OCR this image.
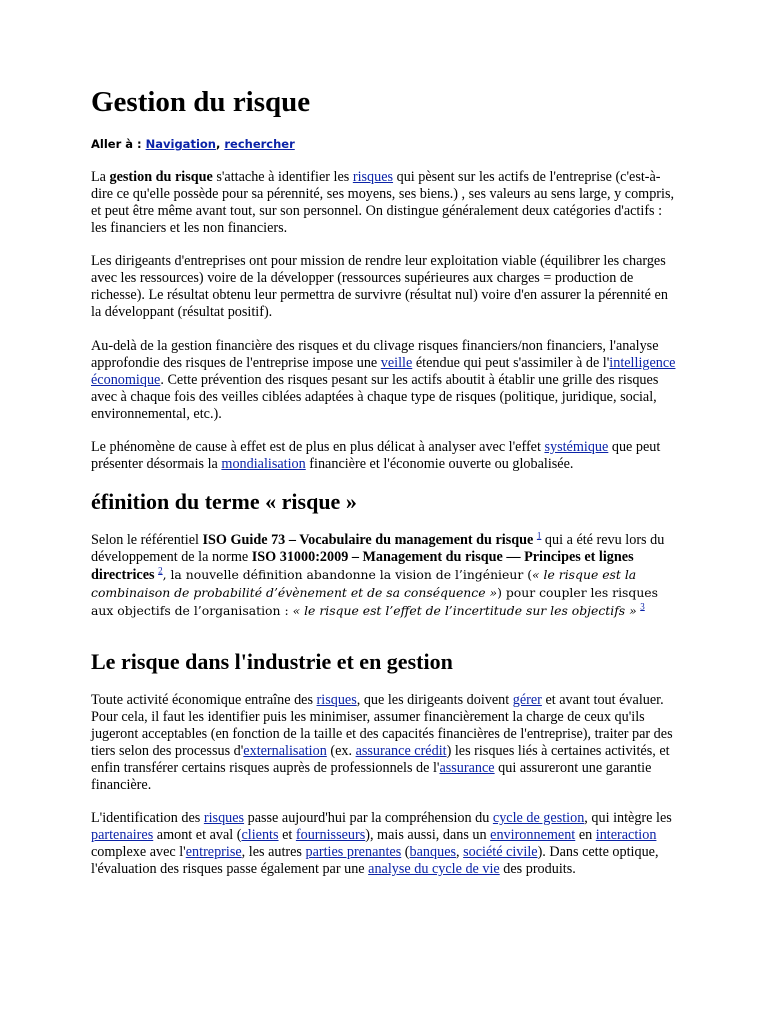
Gestion du risque
Aller à : Navigation, rechercher

La gestion du risque s'attache à identifier les risques qui pèsent sur les actifs de l'entreprise (c'est-à-dire ce qu'elle possède pour sa pérennité, ses moyens, ses biens.) , ses valeurs au sens large, y compris, et peut être même avant tout, sur son personnel. On distingue généralement deux catégories d'actifs : les financiers et les non financiers.

Les dirigeants d'entreprises ont pour mission de rendre leur exploitation viable (équilibrer les charges avec les ressources) voire de la développer (ressources supérieures aux charges = production de richesse). Le résultat obtenu leur permettra de survivre (résultat nul) voire d'en assurer la pérennité en la développant (résultat positif).

Au-delà de la gestion financière des risques et du clivage risques financiers/non financiers, l'analyse approfondie des risques de l'entreprise impose une veille étendue qui peut s'assimiler à de l'intelligence économique. Cette prévention des risques pesant sur les actifs aboutit à établir une grille des risques avec à chaque fois des veilles ciblées adaptées à chaque type de risques (politique, juridique, social, environnemental, etc.).

Le phénomène de cause à effet est de plus en plus délicat à analyser avec l'effet systémique que peut présenter désormais la mondialisation financière et l'économie ouverte ou globalisée.

éfinition du terme « risque »

Selon le référentiel ISO Guide 73 – Vocabulaire du management du risque $^1$ qui a été revu lors du développement de la norme ISO 31000:2009 – Management du risque — Principes et lignes directrices $^2$, la nouvelle définition abandonne la vision de l’ingénieur (« le risque est la combinaison de probabilité d’évènement et de sa conséquence ») pour coupler les risques aux objectifs de l’organisation : « le risque est l’effet de l’incertitude sur les objectifs » $^3$

Le risque dans l'industrie et en gestion

Toute activité économique entraîne des risques, que les dirigeants doivent gérer et avant tout évaluer. Pour cela, il faut les identifier puis les minimiser, assumer financièrement la charge de ceux qu'ils jugeront acceptables (en fonction de la taille et des capacités financières de l'entreprise), traiter par des tiers selon des processus d'externalisation (ex. assurance crédit) les risques liés à certaines activités, et enfin transférer certains risques auprès de professionnels de l'assurance qui assureront une garantie financière.

L'identification des risques passe aujourd'hui par la compréhension du cycle de gestion, qui intègre les partenaires amont et aval (clients et fournisseurs), mais aussi, dans un environnement en interaction complexe avec l'entreprise, les autres parties prenantes (banques, société civile). Dans cette optique, l'évaluation des risques passe également par une analyse du cycle de vie des produits.
